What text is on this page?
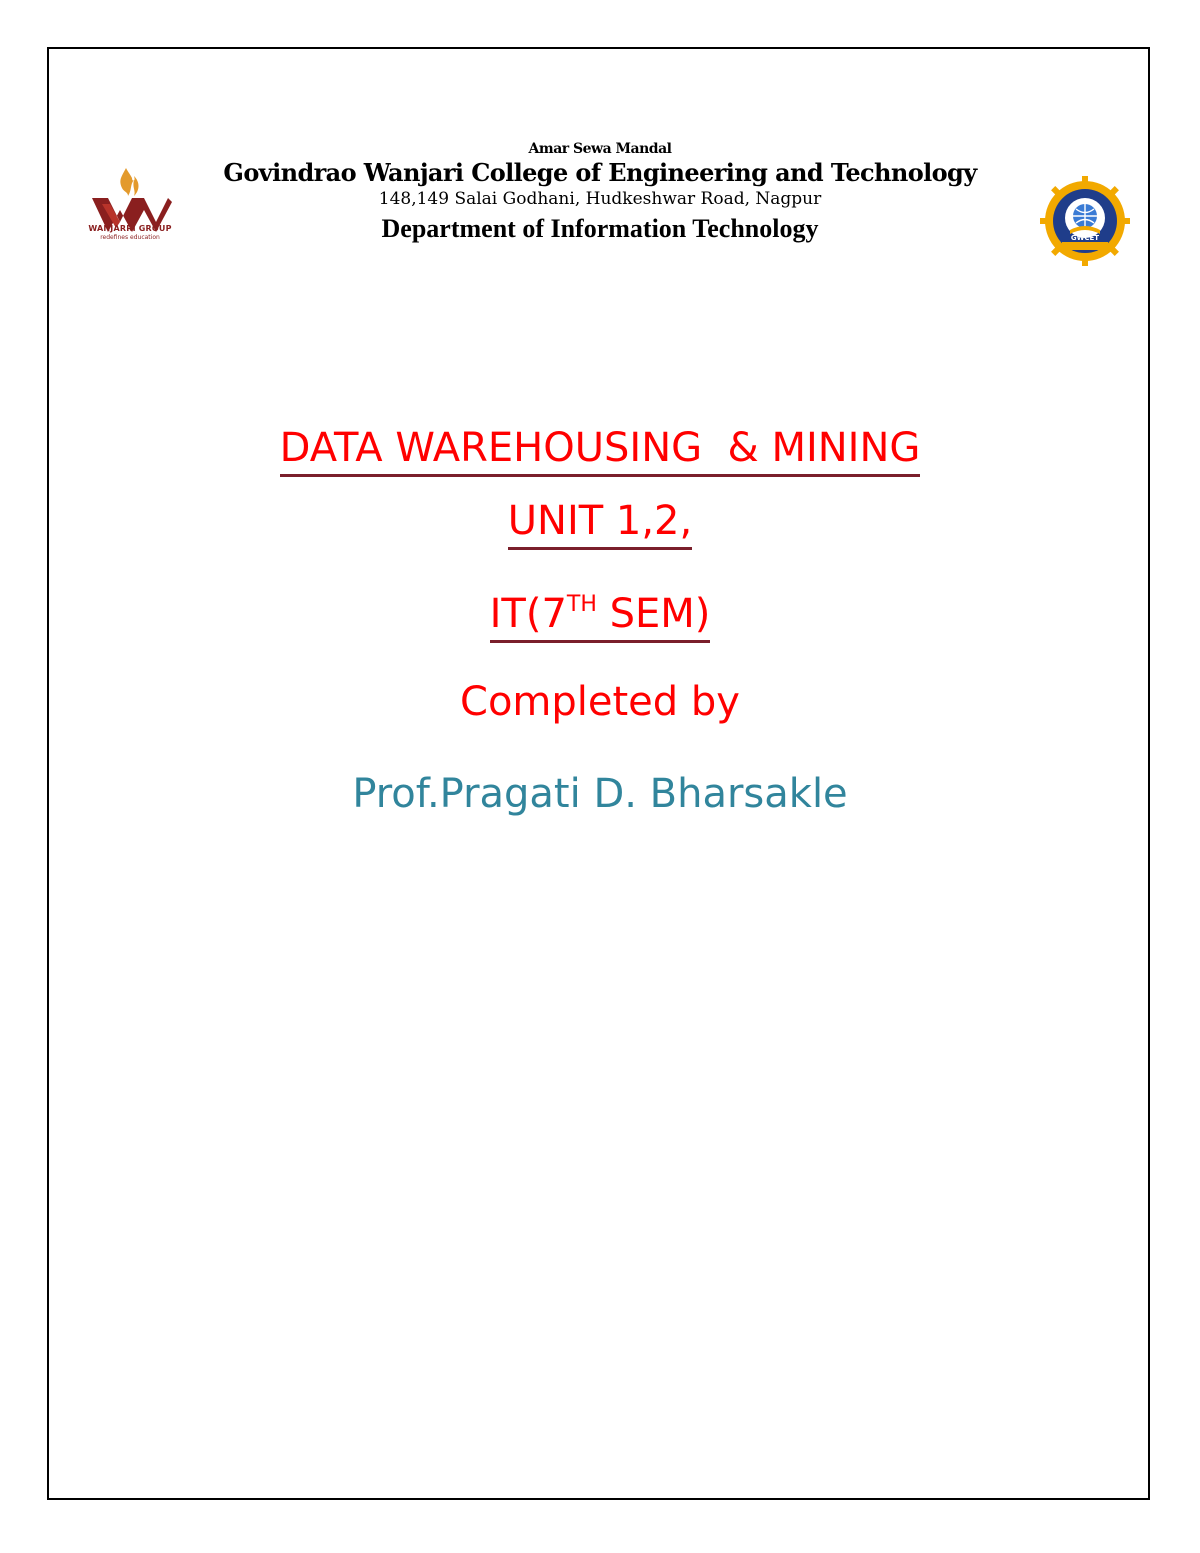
WANJARRI GROUP
redefines education	GWCET
Amar Sewa Mandal
Govindrao Wanjari College of Engineering and Technology
148,149 Salai Godhani, Hudkeshwar Road, Nagpur
Department of Information Technology
DATA WAREHOUSING  & MINING
UNIT 1,2,
IT(7TH SEM)
Completed by
Prof.Pragati D. Bharsakle
